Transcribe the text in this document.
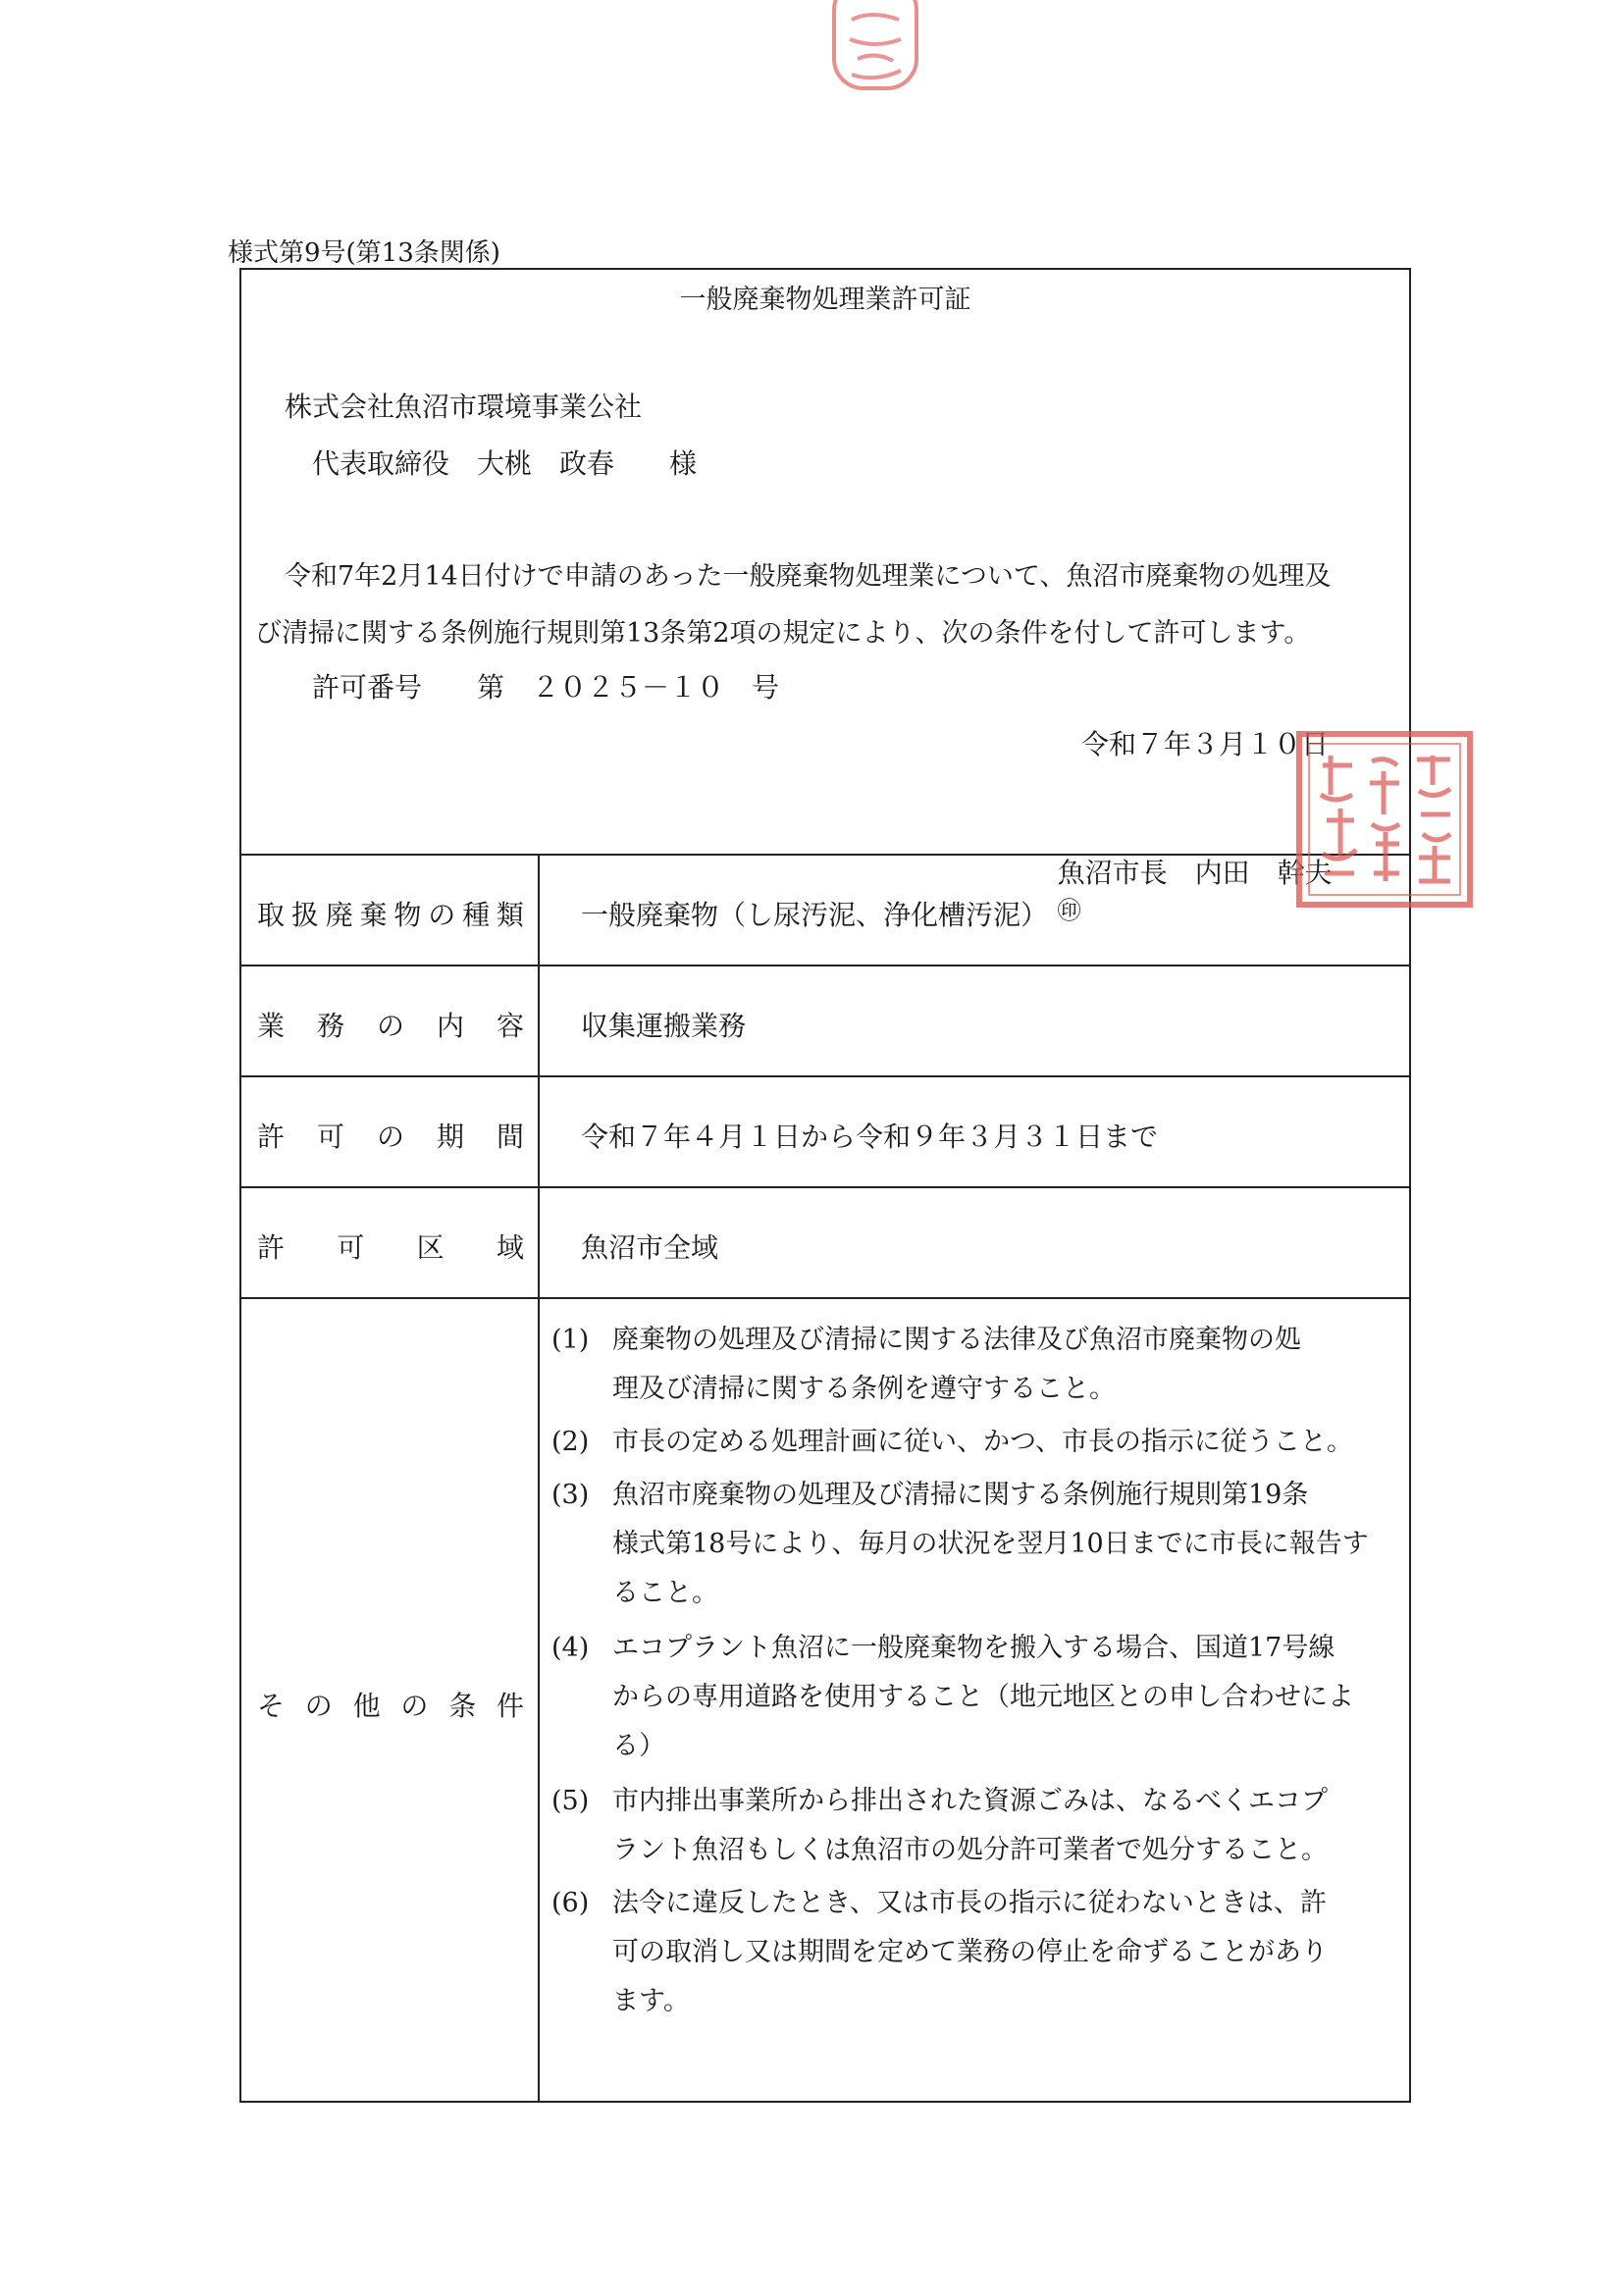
様式第9号(第13条関係)
一般廃棄物処理業許可証
株式会社魚沼市環境事業公社
代表取締役　大桃　政春　　様
令和7年2月14日付けで申請のあった一般廃棄物処理業について、魚沼市廃棄物の処理及
び清掃に関する条例施行規則第13条第2項の規定により、次の条件を付して許可します。
許可番号　　第　２０２５－１０　号
令和７年３月１０日

魚沼市長　内田　幹夫
㊞

取 扱 廃 棄 物 の 種 類 一般廃棄物（し尿汚泥、浄化槽汚泥）
業 務 の 内 容 収集運搬業務
許 可 の 期 間 令和７年４月１日から令和９年３月３１日まで
許 可 区 域 魚沼市全域
そ の 他 の 条 件
(1) 廃棄物の処理及び清掃に関する法律及び魚沼市廃棄物の処
理及び清掃に関する条例を遵守すること。
(2) 市長の定める処理計画に従い、かつ、市長の指示に従うこと。
(3) 魚沼市廃棄物の処理及び清掃に関する条例施行規則第19条
様式第18号により、毎月の状況を翌月10日までに市長に報告す
ること。
(4) エコプラント魚沼に一般廃棄物を搬入する場合、国道17号線
からの専用道路を使用すること（地元地区との申し合わせによ
る）
(5) 市内排出事業所から排出された資源ごみは、なるべくエコプ
ラント魚沼もしくは魚沼市の処分許可業者で処分すること。
(6) 法令に違反したとき、又は市長の指示に従わないときは、許
可の取消し又は期間を定めて業務の停止を命ずることがあり
ます。
